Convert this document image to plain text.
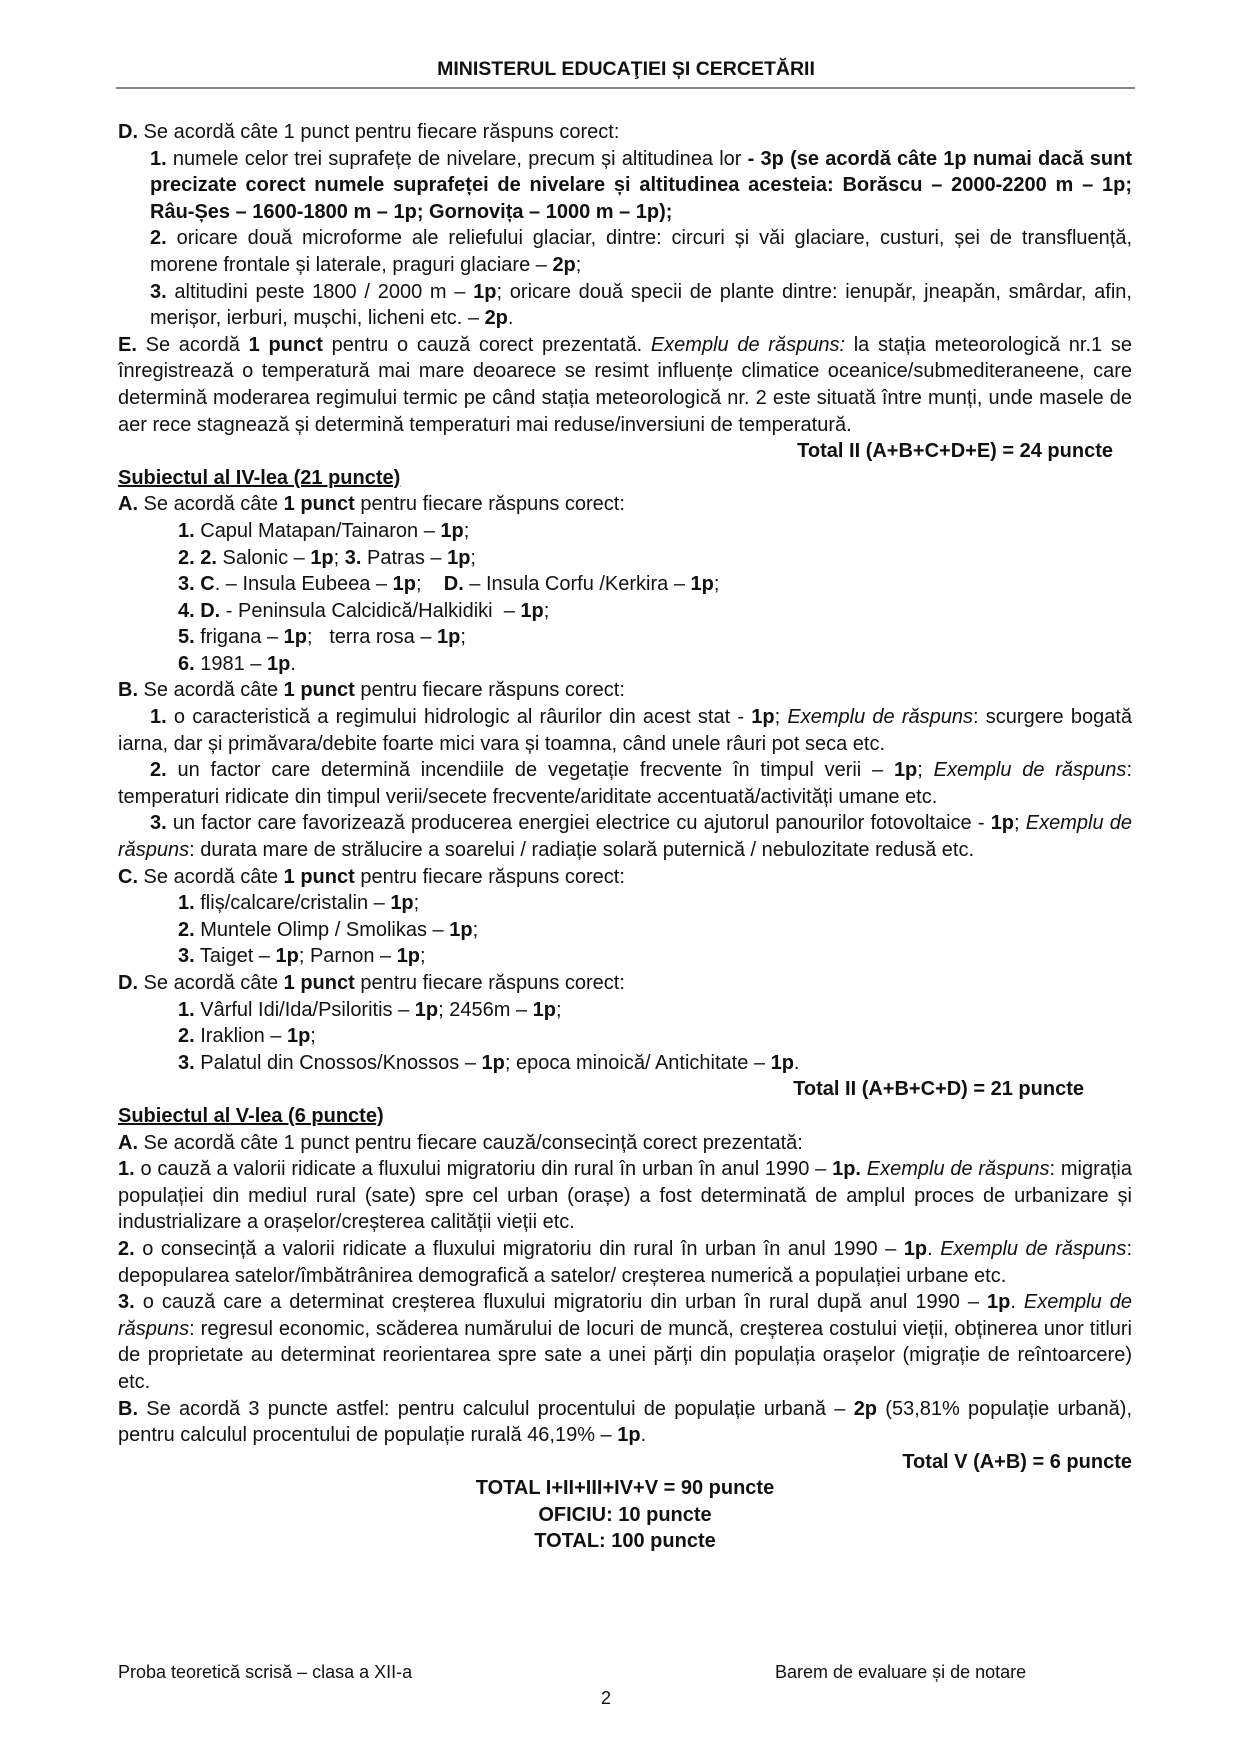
MINISTERUL EDUCAŢIEI ȘI CERCETĂRII
D. Se acordă câte 1 punct pentru fiecare răspuns corect:
1. numele celor trei suprafețe de nivelare, precum și altitudinea lor - 3p (se acordă câte 1p numai dacă sunt precizate corect numele suprafeței de nivelare și altitudinea acesteia: Borăscu – 2000-2200 m – 1p; Râu-Șes – 1600-1800 m – 1p; Gornovița – 1000 m – 1p);
2. oricare două microforme ale reliefului glaciar, dintre: circuri și văi glaciare, custuri, șei de transfluență, morene frontale și laterale, praguri glaciare – 2p;
3. altitudini peste 1800 / 2000 m – 1p; oricare două specii de plante dintre: ienupăr, jneapăn, smârdar, afin, merișor, ierburi, mușchi, licheni etc. – 2p.
E. Se acordă 1 punct pentru o cauză corect prezentată. Exemplu de răspuns: la stația meteorologică nr.1 se înregistrează o temperatură mai mare deoarece se resimt influențe climatice oceanice/submediteraneene, care determină moderarea regimului termic pe când stația meteorologică nr. 2 este situată între munți, unde masele de aer rece stagnează și determină temperaturi mai reduse/inversiuni de temperatură.
Total II (A+B+C+D+E) = 24 puncte
Subiectul al IV-lea (21 puncte)
A. Se acordă câte 1 punct pentru fiecare răspuns corect:
1. Capul Matapan/Tainaron – 1p;
2. 2. Salonic – 1p; 3. Patras – 1p;
3. C. – Insula Eubeea – 1p;    D. – Insula Corfu /Kerkira – 1p;
4. D. - Peninsula Calcidică/Halkidiki  – 1p;
5. frigana – 1p;   terra rosa – 1p;
6. 1981 – 1p.
B. Se acordă câte 1 punct pentru fiecare răspuns corect:
1. o caracteristică a regimului hidrologic al râurilor din acest stat - 1p; Exemplu de răspuns: scurgere bogată iarna, dar și primăvara/debite foarte mici vara și toamna, când unele râuri pot seca etc.
2. un factor care determină incendiile de vegetație frecvente în timpul verii – 1p; Exemplu de răspuns: temperaturi ridicate din timpul verii/secete frecvente/ariditate accentuată/activități umane etc.
3. un factor care favorizează producerea energiei electrice cu ajutorul panourilor fotovoltaice - 1p; Exemplu de răspuns: durata mare de strălucire a soarelui / radiație solară puternică / nebulozitate redusă etc.
C. Se acordă câte 1 punct pentru fiecare răspuns corect:
1. fliș/calcare/cristalin – 1p;
2. Muntele Olimp / Smolikas – 1p;
3. Taiget – 1p; Parnon – 1p;
D. Se acordă câte 1 punct pentru fiecare răspuns corect:
1. Vârful Idi/Ida/Psiloritis – 1p; 2456m – 1p;
2. Iraklion – 1p;
3. Palatul din Cnossos/Knossos – 1p; epoca minoică/ Antichitate – 1p.
Total II (A+B+C+D) = 21 puncte
Subiectul al V-lea (6 puncte)
A. Se acordă câte 1 punct pentru fiecare cauză/consecință corect prezentată:
1. o cauză a valorii ridicate a fluxului migratoriu din rural în urban în anul 1990 – 1p. Exemplu de răspuns: migrația populației din mediul rural (sate) spre cel urban (orașe) a fost determinată de amplul proces de urbanizare și industrializare a orașelor/creșterea calității vieții etc.
2. o consecință a valorii ridicate a fluxului migratoriu din rural în urban în anul 1990 – 1p. Exemplu de răspuns: depopularea satelor/îmbătrânirea demografică a satelor/ creșterea numerică a populației urbane etc.
3. o cauză care a determinat creșterea fluxului migratoriu din urban în rural după anul 1990 – 1p. Exemplu de răspuns: regresul economic, scăderea numărului de locuri de muncă, creșterea costului vieții, obținerea unor titluri de proprietate au determinat reorientarea spre sate a unei părți din populația orașelor (migrație de reîntoarcere) etc.
B. Se acordă 3 puncte astfel: pentru calculul procentului de populație urbană – 2p (53,81% populație urbană), pentru calculul procentului de populație rurală 46,19% – 1p.
Total V (A+B) = 6 puncte
TOTAL I+II+III+IV+V = 90 puncte
OFICIU: 10 puncte
TOTAL: 100 puncte
Proba teoretică scrisă – clasa a XII-a	Barem de evaluare și de notare
2
